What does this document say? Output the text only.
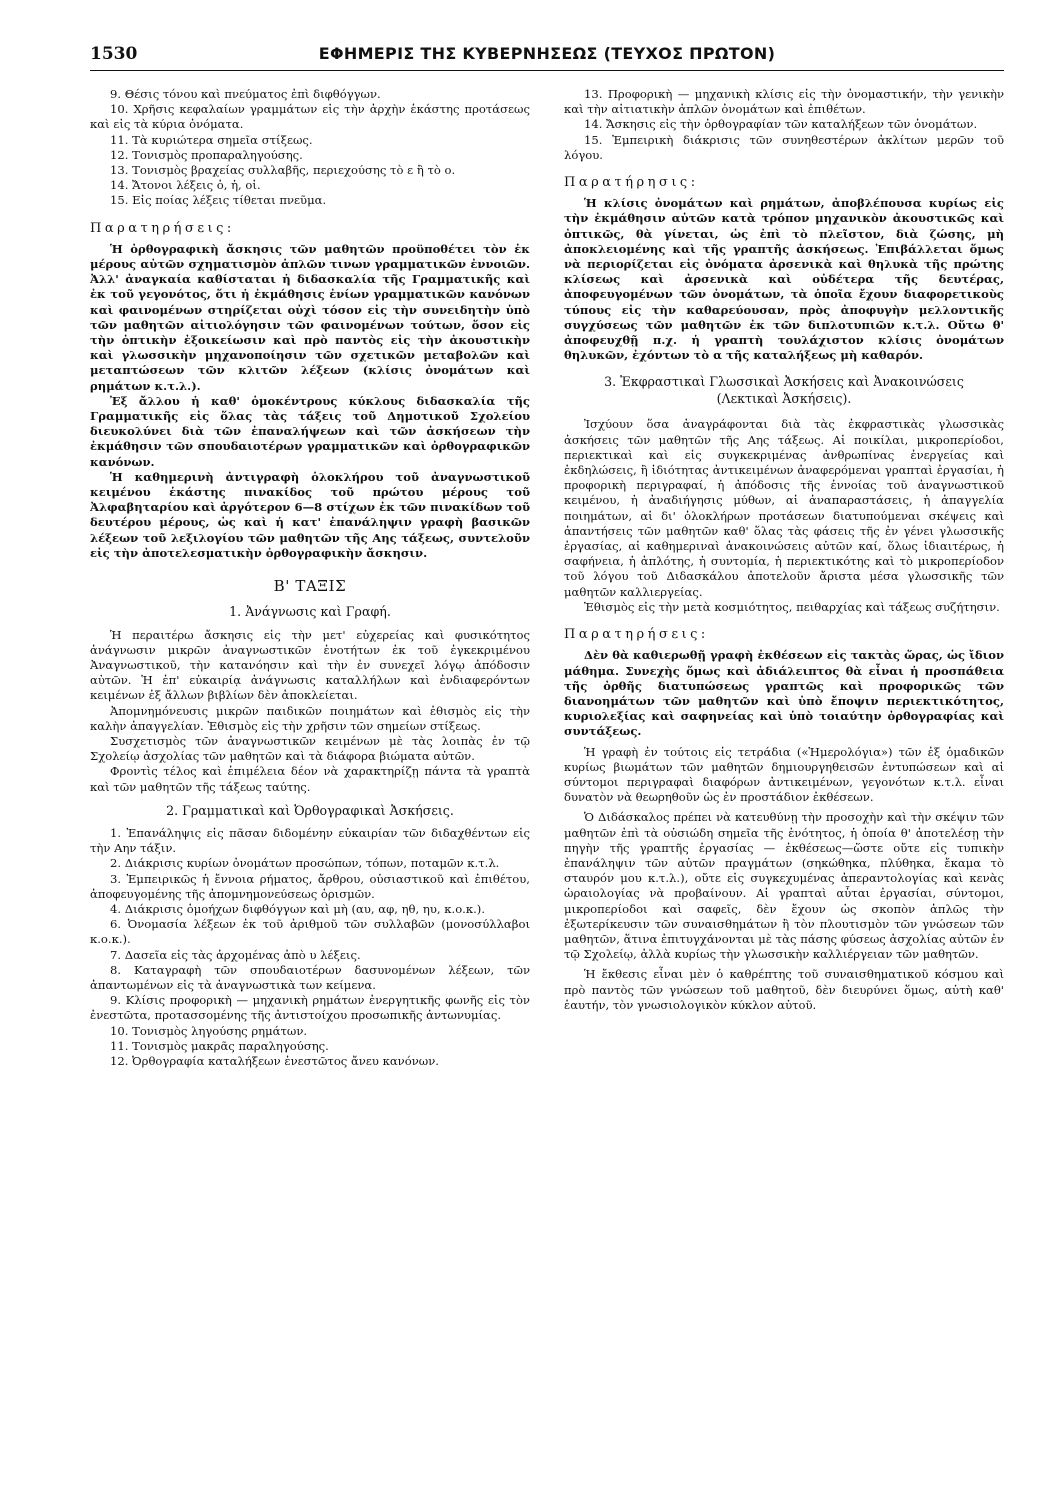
1530	ΕΦΗΜΕΡΙΣ ΤΗΣ ΚΥΒΕΡΝΗΣΕΩΣ (ΤΕΥΧΟΣ ΠΡΩΤΟΝ)

9. Θέσις τόνου καὶ πνεύματος ἐπὶ διφθόγγων.

10. Χρῆσις κεφαλαίων γραμμάτων εἰς τὴν ἀρχὴν ἑκάστης προτάσεως καὶ εἰς τὰ κύρια ὀνόματα.

11. Τὰ κυριώτερα σημεῖα στίξεως.

12. Τονισμὸς προπαραληγούσης.

13. Τονισμὸς βραχείας συλλαβῆς, περιεχούσης τὸ ε ἢ τὸ ο.

14. Ἄτονοι λέξεις ὁ, ἡ, οἱ.

15. Εἰς ποίας λέξεις τίθεται πνεῦμα.

Παρατηρήσεις:

Ἡ ὀρθογραφικὴ ἄσκησις τῶν μαθητῶν προϋποθέτει τὸν ἐκ μέρους αὐτῶν σχηματισμὸν ἁπλῶν τινων γραμματικῶν ἐννοιῶν. Ἀλλ' ἀναγκαία καθίσταται ἡ διδασκαλία τῆς Γραμματικῆς καὶ ἐκ τοῦ γεγονότος, ὅτι ἡ ἐκμάθησις ἐνίων γραμματικῶν κανόνων καὶ φαινομένων στηρίζεται οὐχὶ τόσον εἰς τὴν συνειδητὴν ὑπὸ τῶν μαθητῶν αἰτιολόγησιν τῶν φαινομένων τούτων, ὅσον εἰς τὴν ὀπτικὴν ἐξοικείωσιν καὶ πρὸ παντὸς εἰς τὴν ἀκουστικὴν καὶ γλωσσικὴν μηχανοποίησιν τῶν σχετικῶν μεταβολῶν καὶ μεταπτώσεων τῶν κλιτῶν λέξεων (κλίσις ὀνομάτων καὶ ρημάτων κ.τ.λ.).

Ἐξ ἄλλου ἡ καθ' ὁμοκέντρους κύκλους διδασκαλία τῆς Γραμματικῆς εἰς ὅλας τὰς τάξεις τοῦ Δημοτικοῦ Σχολείου διευκολύνει διὰ τῶν ἐπαναλήψεων καὶ τῶν ἀσκήσεων τὴν ἐκμάθησιν τῶν σπουδαιοτέρων γραμματικῶν καὶ ὀρθογραφικῶν κανόνων.

Ἡ καθημερινὴ ἀντιγραφὴ ὁλοκλήρου τοῦ ἀναγνωστικοῦ κειμένου ἑκάστης πινακίδος τοῦ πρώτου μέρους τοῦ Ἀλφαβηταρίου καὶ ἀργότερον 6—8 στίχων ἐκ τῶν πινακίδων τοῦ δευτέρου μέρους, ὡς καὶ ἡ κατ' ἐπανάληψιν γραφὴ βασικῶν λέξεων τοῦ λεξιλογίου τῶν μαθητῶν τῆς Αης τάξεως, συντελοῦν εἰς τὴν ἀποτελεσματικὴν ὀρθογραφικὴν ἄσκησιν.

Β' ΤΑΞΙΣ
1. Ἀνάγνωσις καὶ Γραφή.

Ἡ περαιτέρω ἄσκησις εἰς τὴν μετ' εὐχερείας καὶ φυσικότητος ἀνάγνωσιν μικρῶν ἀναγνωστικῶν ἑνοτήτων ἐκ τοῦ ἐγκεκριμένου Ἀναγνωστικοῦ, τὴν κατανόησιν καὶ τὴν ἐν συνεχεῖ λόγῳ ἀπόδοσιν αὐτῶν. Ἡ ἐπ' εὐκαιρίᾳ ἀνάγνωσις καταλλήλων καὶ ἐνδιαφερόντων κειμένων ἐξ ἄλλων βιβλίων δὲν ἀποκλείεται.

Ἀπομνημόνευσις μικρῶν παιδικῶν ποιημάτων καὶ ἐθισμὸς εἰς τὴν καλὴν ἀπαγγελίαν. Ἐθισμὸς εἰς τὴν χρῆσιν τῶν σημείων στίξεως.

Συσχετισμὸς τῶν ἀναγνωστικῶν κειμένων μὲ τὰς λοιπὰς ἐν τῷ Σχολείῳ ἀσχολίας τῶν μαθητῶν καὶ τὰ διάφορα βιώματα αὐτῶν.

Φροντὶς τέλος καὶ ἐπιμέλεια δέον νὰ χαρακτηρίζῃ πάντα τὰ γραπτὰ καὶ τῶν μαθητῶν τῆς τάξεως ταύτης.

2. Γραμματικαὶ καὶ Ὀρθογραφικαὶ Ἀσκήσεις.

1. Ἐπανάληψις εἰς πᾶσαν διδομένην εὐκαιρίαν τῶν διδαχθέντων εἰς τὴν Αην τάξιν.

2. Διάκρισις κυρίων ὀνομάτων προσώπων, τόπων, ποταμῶν κ.τ.λ.

3. Ἐμπειρικῶς ἡ ἔννοια ρήματος, ἄρθρου, οὐσιαστικοῦ καὶ ἐπιθέτου, ἀποφευγομένης τῆς ἀπομνημονεύσεως ὁρισμῶν.

4. Διάκρισις ὁμοήχων διφθόγγων καὶ μὴ (αυ, αφ, ηθ, ηυ, κ.ο.κ.).

6. Ὀνομασία λέξεων ἐκ τοῦ ἀριθμοῦ τῶν συλλαβῶν (μονοσύλλαβοι κ.ο.κ.).

7. Δασεῖα εἰς τὰς ἀρχομένας ἀπὸ υ λέξεις.

8. Καταγραφὴ τῶν σπουδαιοτέρων δασυνομένων λέξεων, τῶν ἀπαντωμένων εἰς τὰ ἀναγνωστικὰ των κείμενα.

9. Κλίσις προφορικὴ — μηχανικὴ ρημάτων ἐνεργητικῆς φωνῆς εἰς τὸν ἐνεστῶτα, προτασσομένης τῆς ἀντιστοίχου προσωπικῆς ἀντωνυμίας.

10. Τονισμὸς ληγούσης ρημάτων.

11. Τονισμὸς μακρᾶς παραληγούσης.

12. Ὀρθογραφία καταλήξεων ἐνεστῶτος ἄνευ κανόνων.

13. Προφορικὴ — μηχανικὴ κλίσις εἰς τὴν ὀνομαστικήν, τὴν γενικὴν καὶ τὴν αἰτιατικὴν ἁπλῶν ὀνομάτων καὶ ἐπιθέτων.

14. Ἄσκησις εἰς τὴν ὀρθογραφίαν τῶν καταλήξεων τῶν ὀνομάτων.

15. Ἐμπειρικὴ διάκρισις τῶν συνηθεστέρων ἀκλίτων μερῶν τοῦ λόγου.

Παρατήρησις:

Ἡ κλίσις ὀνομάτων καὶ ρημάτων, ἀποβλέπουσα κυρίως εἰς τὴν ἐκμάθησιν αὐτῶν κατὰ τρόπον μηχανικὸν ἀκουστικῶς καὶ ὀπτικῶς, θὰ γίνεται, ὡς ἐπὶ τὸ πλεῖστον, διὰ ζώσης, μὴ ἀποκλειομένης καὶ τῆς γραπτῆς ἀσκήσεως. Ἐπιβάλλεται ὅμως νὰ περιορίζεται εἰς ὀνόματα ἀρσενικὰ καὶ θηλυκὰ τῆς πρώτης κλίσεως καὶ ἀρσενικὰ καὶ οὐδέτερα τῆς δευτέρας, ἀποφευγομένων τῶν ὀνομάτων, τὰ ὁποῖα ἔχουν διαφορετικοὺς τύπους εἰς τὴν καθαρεύουσαν, πρὸς ἀποφυγὴν μελλοντικῆς συγχύσεως τῶν μαθητῶν ἐκ τῶν διπλοτυπιῶν κ.τ.λ. Οὕτω θ' ἀποφευχθῇ π.χ. ἡ γραπτὴ τουλάχιστον κλίσις ὀνομάτων θηλυκῶν, ἐχόντων τὸ α τῆς καταλήξεως μὴ καθαρόν.

3. Ἐκφραστικαὶ Γλωσσικαὶ Ἀσκήσεις καὶ Ἀνακοινώσεις (Λεκτικαὶ Ἀσκήσεις).

Ἰσχύουν ὅσα ἀναγράφονται διὰ τὰς ἐκφραστικὰς γλωσσικὰς ἀσκήσεις τῶν μαθητῶν τῆς Αης τάξεως. Αἱ ποικίλαι, μικροπερίοδοι, περιεκτικαὶ καὶ εἰς συγκεκριμένας ἀνθρωπίνας ἐνεργείας καὶ ἐκδηλώσεις, ἢ ἰδιότητας ἀντικειμένων ἀναφερόμεναι γραπταὶ ἐργασίαι, ἡ προφορικὴ περιγραφαί, ἡ ἀπόδοσις τῆς ἐννοίας τοῦ ἀναγνωστικοῦ κειμένου, ἡ ἀναδιήγησις μύθων, αἱ ἀναπαραστάσεις, ἡ ἀπαγγελία ποιημάτων, αἱ δι' ὁλοκλήρων προτάσεων διατυπούμεναι σκέψεις καὶ ἀπαντήσεις τῶν μαθητῶν καθ' ὅλας τὰς φάσεις τῆς ἐν γένει γλωσσικῆς ἐργασίας, αἱ καθημεριναὶ ἀνακοινώσεις αὐτῶν καί, ὅλως ἰδιαιτέρως, ἡ σαφήνεια, ἡ ἁπλότης, ἡ συντομία, ἡ περιεκτικότης καὶ τὸ μικροπερίοδον τοῦ λόγου τοῦ Διδασκάλου ἀποτελοῦν ἄριστα μέσα γλωσσικῆς τῶν μαθητῶν καλλιεργείας.

Ἐθισμὸς εἰς τὴν μετὰ κοσμιότητος, πειθαρχίας καὶ τάξεως συζήτησιν.

Παρατηρήσεις:

Δὲν θὰ καθιερωθῇ γραφὴ ἐκθέσεων εἰς τακτὰς ὥρας, ὡς ἴδιον μάθημα. Συνεχὴς ὅμως καὶ ἀδιάλειπτος θὰ εἶναι ἡ προσπάθεια τῆς ὀρθῆς διατυπώσεως γραπτῶς καὶ προφορικῶς τῶν διανοημάτων τῶν μαθητῶν καὶ ὑπὸ ἔποψιν περιεκτικότητος, κυριολεξίας καὶ σαφηνείας καὶ ὑπὸ τοιαύτην ὀρθογραφίας καὶ συντάξεως.

Ἡ γραφὴ ἐν τούτοις εἰς τετράδια («Ἡμερολόγια») τῶν ἐξ ὁμαδικῶν κυρίως βιωμάτων τῶν μαθητῶν δημιουργηθεισῶν ἐντυπώσεων καὶ αἱ σύντομοι περιγραφαὶ διαφόρων ἀντικειμένων, γεγονότων κ.τ.λ. εἶναι δυνατὸν νὰ θεωρηθοῦν ὡς ἐν προστάδιον ἐκθέσεων.

Ὁ Διδάσκαλος πρέπει νὰ κατευθύνῃ τὴν προσοχὴν καὶ τὴν σκέψιν τῶν μαθητῶν ἐπὶ τὰ οὐσιώδη σημεῖα τῆς ἑνότητος, ἡ ὁποία θ' ἀποτελέσῃ τὴν πηγὴν τῆς γραπτῆς ἐργασίας — ἐκθέσεως—ὥστε οὔτε εἰς τυπικὴν ἐπανάληψιν τῶν αὐτῶν πραγμάτων (σηκώθηκα, πλύθηκα, ἔκαμα τὸ σταυρόν μου κ.τ.λ.), οὔτε εἰς συγκεχυμένας ἀπεραντολογίας καὶ κενὰς ὡραιολογίας νὰ προβαίνουν. Αἱ γραπταὶ αὗται ἐργασίαι, σύντομοι, μικροπερίοδοι καὶ σαφεῖς, δὲν ἔχουν ὡς σκοπὸν ἁπλῶς τὴν ἐξωτερίκευσιν τῶν συναισθημάτων ἢ τὸν πλουτισμὸν τῶν γνώσεων τῶν μαθητῶν, ἅτινα ἐπιτυγχάνονται μὲ τὰς πάσης φύσεως ἀσχολίας αὐτῶν ἐν τῷ Σχολείῳ, ἀλλὰ κυρίως τὴν γλωσσικὴν καλλιέργειαν τῶν μαθητῶν.

Ἡ ἔκθεσις εἶναι μὲν ὁ καθρέπτης τοῦ συναισθηματικοῦ κόσμου καὶ πρὸ παντὸς τῶν γνώσεων τοῦ μαθητοῦ, δὲν διευρύνει ὅμως, αὐτὴ καθ' ἑαυτήν, τὸν γνωσιολογικὸν κύκλον αὐτοῦ.
